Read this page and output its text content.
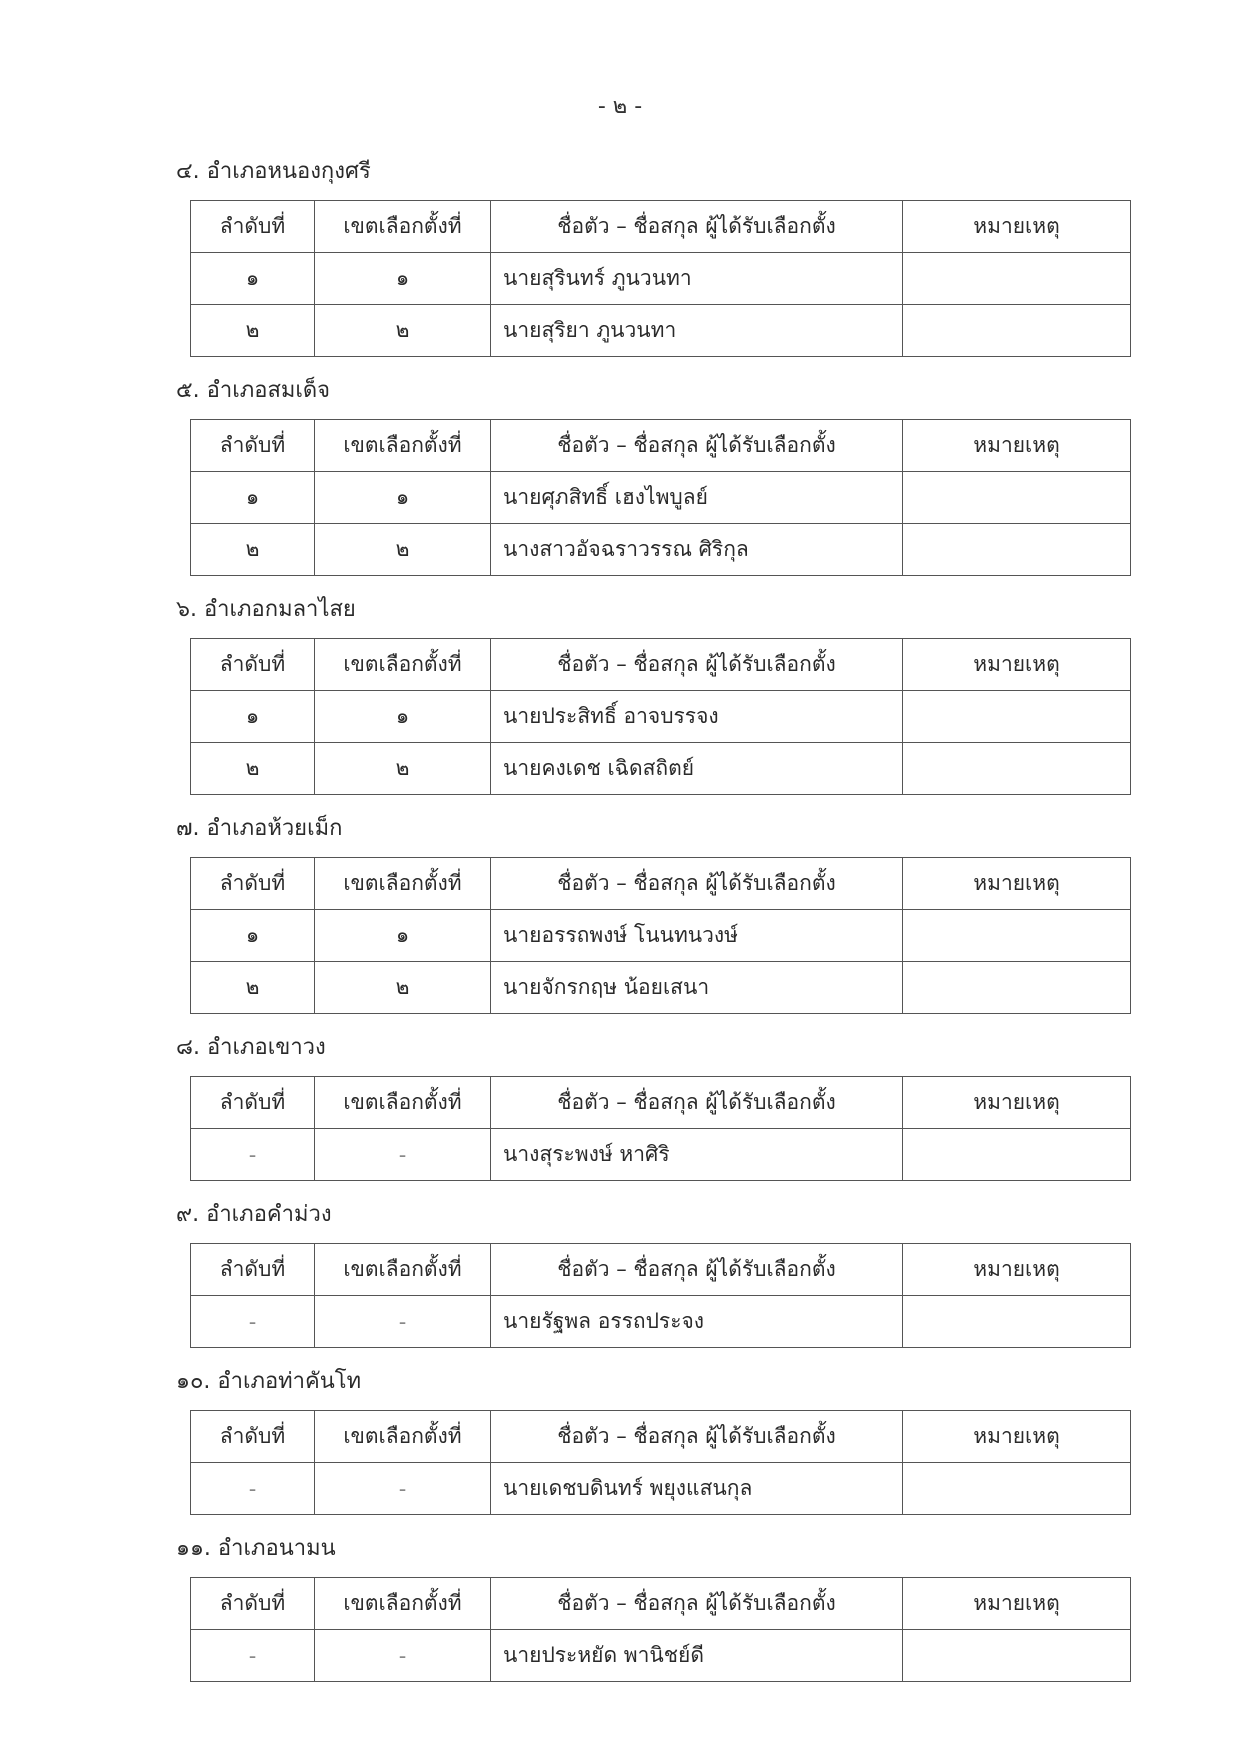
- ๒ -
๔. อำเภอหนองกุงศรี
ลำดับที่	เขตเลือกตั้งที่	ชื่อตัว – ชื่อสกุล ผู้ได้รับเลือกตั้ง	หมายเหตุ
๑	๑	นายสุรินทร์ ภูนวนทา	
๒	๒	นายสุริยา ภูนวนทา	
๕. อำเภอสมเด็จ
ลำดับที่	เขตเลือกตั้งที่	ชื่อตัว – ชื่อสกุล ผู้ได้รับเลือกตั้ง	หมายเหตุ
๑	๑	นายศุภสิทธิ์ เฮงไพบูลย์	
๒	๒	นางสาวอัจฉราวรรณ ศิริกุล	
๖. อำเภอกมลาไสย
ลำดับที่	เขตเลือกตั้งที่	ชื่อตัว – ชื่อสกุล ผู้ได้รับเลือกตั้ง	หมายเหตุ
๑	๑	นายประสิทธิ์ อาจบรรจง	
๒	๒	นายคงเดช เฉิดสถิตย์	
๗. อำเภอห้วยเม็ก
ลำดับที่	เขตเลือกตั้งที่	ชื่อตัว – ชื่อสกุล ผู้ได้รับเลือกตั้ง	หมายเหตุ
๑	๑	นายอรรถพงษ์ โนนทนวงษ์	
๒	๒	นายจักรกฤษ น้อยเสนา	
๘. อำเภอเขาวง
ลำดับที่	เขตเลือกตั้งที่	ชื่อตัว – ชื่อสกุล ผู้ได้รับเลือกตั้ง	หมายเหตุ
-	-	นางสุระพงษ์ หาศิริ	
๙. อำเภอคำม่วง
ลำดับที่	เขตเลือกตั้งที่	ชื่อตัว – ชื่อสกุล ผู้ได้รับเลือกตั้ง	หมายเหตุ
-	-	นายรัฐพล อรรถประจง	
๑๐. อำเภอท่าคันโท
ลำดับที่	เขตเลือกตั้งที่	ชื่อตัว – ชื่อสกุล ผู้ได้รับเลือกตั้ง	หมายเหตุ
-	-	นายเดชบดินทร์ พยุงแสนกุล	
๑๑. อำเภอนามน
ลำดับที่	เขตเลือกตั้งที่	ชื่อตัว – ชื่อสกุล ผู้ได้รับเลือกตั้ง	หมายเหตุ
-	-	นายประหยัด พานิชย์ดี	
